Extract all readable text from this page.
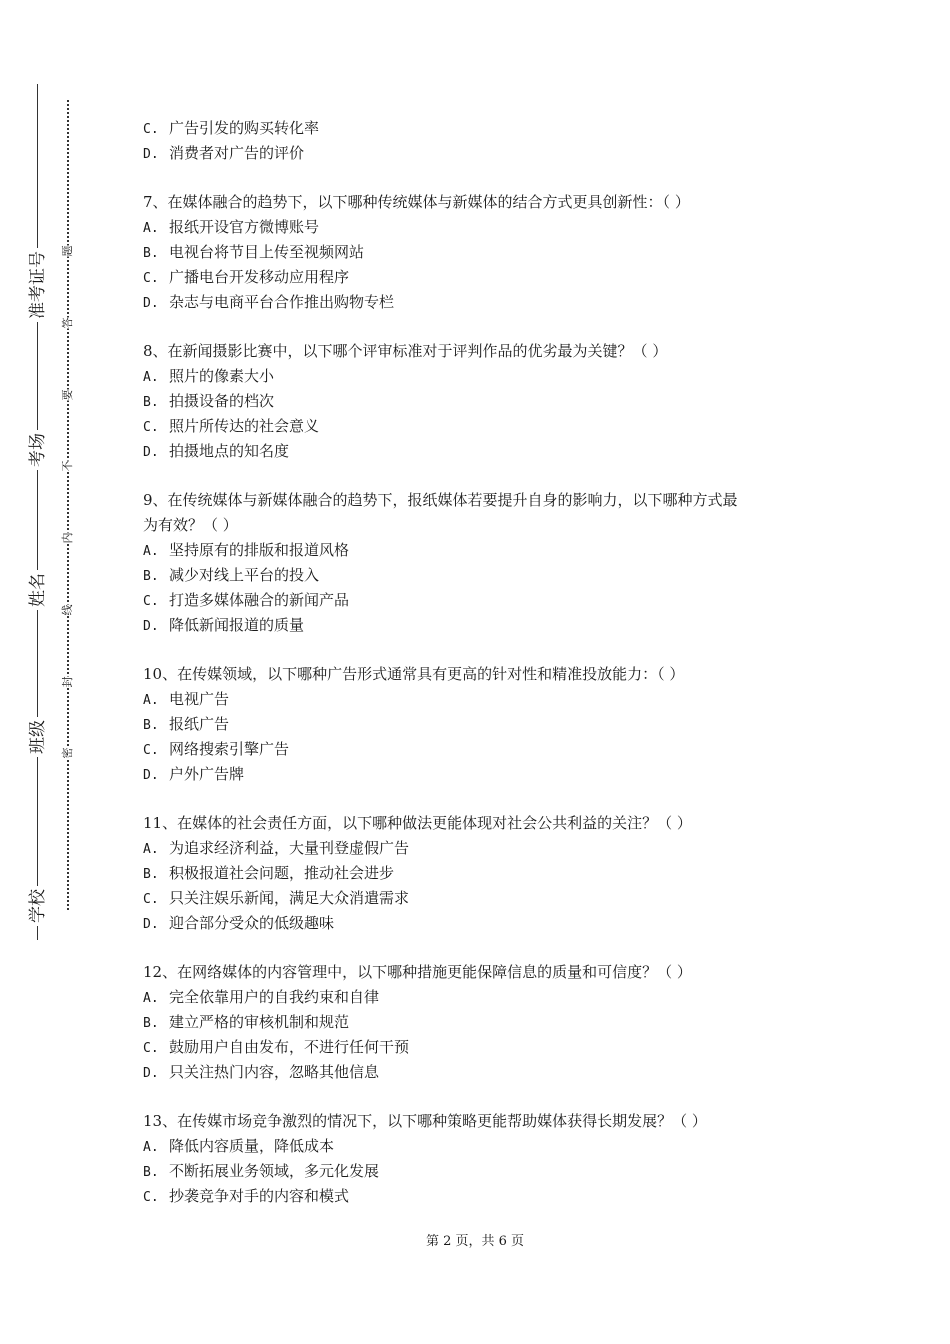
准考证号
考场
姓名
班级
学校
题
答
要
不
内
线
封
密
C. 广告引发的购买转化率
D. 消费者对广告的评价
7、在媒体融合的趋势下，以下哪种传统媒体与新媒体的结合方式更具创新性：（ ）
A. 报纸开设官方微博账号
B. 电视台将节目上传至视频网站
C. 广播电台开发移动应用程序
D. 杂志与电商平台合作推出购物专栏
8、在新闻摄影比赛中，以下哪个评审标准对于评判作品的优劣最为关键？（ ）
A. 照片的像素大小
B. 拍摄设备的档次
C. 照片所传达的社会意义
D. 拍摄地点的知名度
9、在传统媒体与新媒体融合的趋势下，报纸媒体若要提升自身的影响力，以下哪种方式最
为有效？（ ）
A. 坚持原有的排版和报道风格
B. 减少对线上平台的投入
C. 打造多媒体融合的新闻产品
D. 降低新闻报道的质量
10、在传媒领域，以下哪种广告形式通常具有更高的针对性和精准投放能力：（ ）
A. 电视广告
B. 报纸广告
C. 网络搜索引擎广告
D. 户外广告牌
11、在媒体的社会责任方面，以下哪种做法更能体现对社会公共利益的关注？（ ）
A. 为追求经济利益，大量刊登虚假广告
B. 积极报道社会问题，推动社会进步
C. 只关注娱乐新闻，满足大众消遣需求
D. 迎合部分受众的低级趣味
12、在网络媒体的内容管理中，以下哪种措施更能保障信息的质量和可信度？（ ）
A. 完全依靠用户的自我约束和自律
B. 建立严格的审核机制和规范
C. 鼓励用户自由发布，不进行任何干预
D. 只关注热门内容，忽略其他信息
13、在传媒市场竞争激烈的情况下，以下哪种策略更能帮助媒体获得长期发展？（ ）
A. 降低内容质量，降低成本
B. 不断拓展业务领域，多元化发展
C. 抄袭竞争对手的内容和模式
第 2 页，共 6 页
